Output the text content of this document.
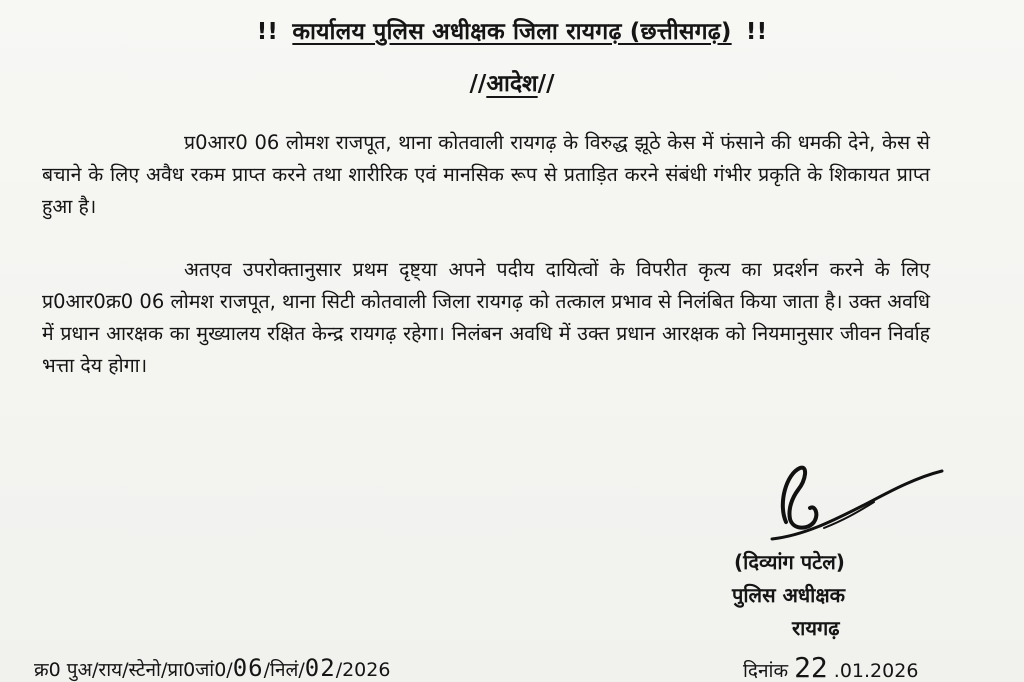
!! कार्यालय पुलिस अधीक्षक जिला रायगढ़ (छत्तीसगढ़) !!
//आदेश//
प्र0आर0 06 लोमश राजपूत, थाना कोतवाली रायगढ़ के विरुद्ध झूठे केस में फंसाने की धमकी देने, केस से बचाने के लिए अवैध रकम प्राप्त करने तथा शारीरिक एवं मानसिक रूप से प्रताड़ित करने संबंधी गंभीर प्रकृति के शिकायत प्राप्त हुआ है।
अतएव उपरोक्तानुसार प्रथम दृष्ट्या अपने पदीय दायित्वों के विपरीत कृत्य का प्रदर्शन करने के लिए प्र0आर0क्र0 06 लोमश राजपूत, थाना सिटी कोतवाली जिला रायगढ़ को तत्काल प्रभाव से निलंबित किया जाता है। उक्त अवधि में प्रधान आरक्षक का मुख्यालय रक्षित केन्द्र रायगढ़ रहेगा। निलंबन अवधि में उक्त प्रधान आरक्षक को नियमानुसार जीवन निर्वाह भत्ता देय होगा।
(दिव्यांग पटेल)
पुलिस अधीक्षक
रायगढ़
क्र0 पुअ/राय/स्टेनो/प्रा0जां0/06/निलं/02/2026	दिनांक 22 .01.2026
